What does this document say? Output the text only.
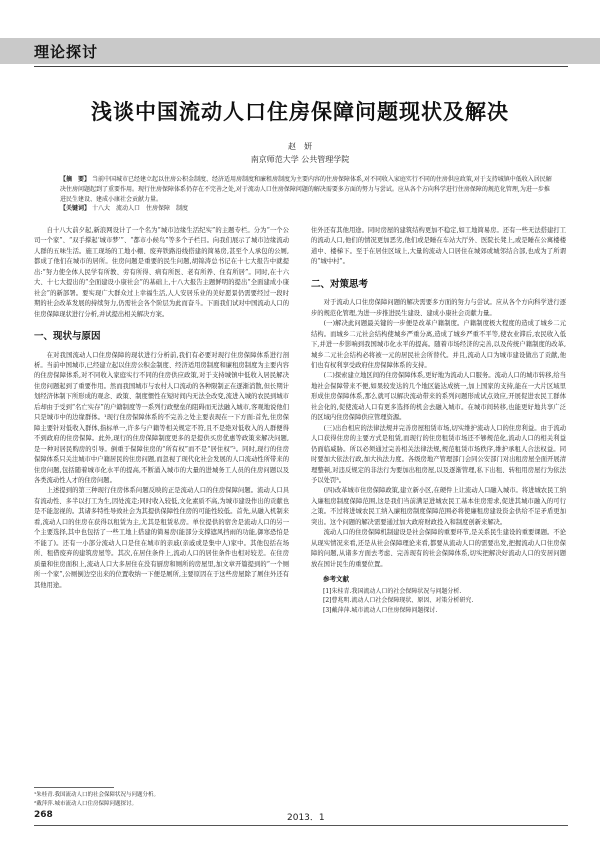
理论探讨
浅谈中国流动人口住房保障问题现状及解决
赵　妍
南京师范大学 公共管理学院
【摘　要】 当前中国城市已经建立起以住房公积金制度、经济适用房制度和廉租房制度为主要内容的住房保障体系,对不同收入家庭实行不同的住房供应政策,对于支持城镇中低收入居民解决住房问题起到了重要作用。现行住房保障体系仍存在不完善之处,对于流动人口住房保障问题的解决需要多方面的努力与尝试。应从各个方向科学进行住房保障的规范化管理,为进一步推进民生建设、建成小康社会贡献力量。
【关键词】 十八大　流动人口　住房保障　制度

自十八大前夕起,新浪网设计了一个名为“城市边缘生活纪实”的主题专栏。分为“一个公司一个家”、“双手撑起‘城市梦’”、“都市小候鸟”等多个子栏目。向我们展示了城市边缘流动人群的五味生活。施工现场的工地小棚、废弃铁路沿线搭建的简易房,甚至个人承包的公厕,都成了他们在城市的居所。住房问题是重要的民生问题,胡锦涛总书记在十七大报告中就提出:“努力使全体人民学有所教、劳有所得、病有所医、老有所养、住有所居”。同时,在十六大、十七大提出的“全面建设小康社会”的基础上,十八大报告主题鲜明的提出“全面建成小康社会”的新部署。要实现广大群众过上幸福生活,人人安居乐业的美好愿景仍需要经过一段时期的社会改革发展的持续努力,仍需社会各个阶层为此而奋斗。下面我们试对中国流动人口的住房保障现状进行分析,并试提出相关解决方案。

一、现状与原因

在对我国流动人口住房保障的现状进行分析前,我们有必要对现行住房保障体系进行剖析。当前中国城市,已经建立起以住房公积金制度、经济适用房制度和廉租房制度为主要内容的住房保障体系,对不同收入家庭实行不同的住房供应政策,对于支持城镇中低收入居民解决住房问题起到了重要作用。然而我国城市与农村人口流动的各种限制正在逐渐消散,但长期计划经济体制下所形成的观念、政策、制度惯性在短时间内无法全改变,流进入城的农民到城市后却由于受到“名亡实存”的户籍制度等一系列行政壁垒的阻碍而无法融入城市,客观地说他们只是城市中的边缘群体。¹现行住房保障体系的不完善之处主要表现在一下方面:首先,住房保障主要针对低收入群体,指标单一,许多与户籍等相关规定不符,且不是绝对低收入的人群便得不到政府的住房保障。此外,现行的住房保障制度更多的是提供买房优惠等政策来解决问题,是一种对居民购房的引导。倒重于保障住房的“所有权”而不是“居住权”²。同时,现行的住房保障体系只关注城市中户籍居民的住房问题,而忽视了现代化社会发展的人口流动性所带来的住房问题,包括随着城市化水平的提高,不断涌入城市的大量的进城务工人员的住房问题以及各类流动性人才的住房问题。

上述提到的第三种现行住房体系问题反映的正是流动人口的住房保障问题。流动人口具有流动性、多半以打工为生,因处流走;同时收入较低,文化素质不高,为城市建设作出的贡献也是不能忽视的。其诸多特性导致社会为其提供保障性住房的可能性较低。首先,从融入机制来看,流动人口的住房在获得以租赁为主,尤其是租赁私房。单位提供的宿舍是流动人口的另一个主要选择,其中也包括了一些工地上搭建的简易房(能部分支撑遮风挡雨的功能,御寒恐怕是不能了)。还有一小部分流动人口是住在城市的亲戚(亲戚或是集中人)家中。其他包括在场所、租借废弃的建筑房屋等。其次,在居住条件上,流动人口的居住条件也相对较差。在住房质量和住房面积上,流动人口大多居住在没有厨房和厕所的房屋里,加文章开篇提到的“一个厕所一个家”,公厕倒边空出来的位置收纳一下便是厕所,主要原因在于这些房屋除了厕住外还有其他用途。

住外还有其他用途。同时房屋的建筑结构更加不稳定,如工地简易房。还有一些无法搭建打工的流动人口,他们的情况更加恶劣,他们或是睡在车站大厅外、医院长凳上,或是睡在公寓楼楼道中、楼梯下。至于在居住区域上,大量的流动人口居住在城郊或城邻结合部,也成为了所谓的“城中村”。

二、对策思考

对于流动人口住房保障问题的解决需要多方面的努力与尝试。应从各个方向科学进行逐步的规范化管理,为进一步推进民生建设、建成小康社会贡献力量。

(一)解决此问题最关键的一步便是改革户籍制度。户籍制度极大程度的造成了城乡二元结构。而城乡二元社会结构使城乡严重分离,造成了城乡严重不平等,使农业滞后,农民收入低下,并进一步影响到我国城市化水平的提高。随着市场经济的完善,以及传统户籍制度的改革,城乡二元社会结构必将被一元的居民社会所替代。并且,流动人口为城市建设做出了贡献,他们也有权利享受政府住房保障体系的支持。

(二)探索建立地区间的住房保障体系,更好地为流动人口服务。流动人口的城市转移,给当地社会保障带来不便,如果较发达的几个地区能达成统一,加上国家的支持,能在一大片区域里形成住房保障体系,那么就可以解决流动带来的系列问题形成试点效应,开展促进农民工群体社会化的,促使流动人口有更多选择的机会去融入城市。在城市间转移,也能更好地共享广泛的区域内住房保障供应管理资源。

(三)出台相应的法律法规并完善房屋租赁市场,切实维护流动人口的住房利益。由于流动人口获得住房的主要方式是租赁,而现行的住房租赁市场还不够规范化,流动人口的相关利益仍面临威胁。所以必须通过完善相关法律法规,规范租赁市场秩序,维护承租人合法权益。同时要加大依法行政,加大执法力度。各级房地产管理部门会同公安部门对出租房屋全面开展清理整顿,对违反规定的非法行为要加出租房屋,以及逐渐管理,私下出租、转租用房屋行为依法予以处罚³。

(四)改革城市住房保障政策,建立新小区,在硬件上让流动人口融入城市。将进城农民工纳入廉租房制度保障范围,这是我们当前满足进城农民工基本住房需求,促进其城市融入的可行之策。不过将进城农民工纳入廉租房制度保障范围必将使廉租房建设资金供给不足矛盾更加突出。这个问题的解决需要通过加大政府财政投入和制度创新来解决。

流动人口的住房保障机制建设是社会保障的重要环节,是关系民生建设的重要课题。不论从现实情况来看,还是从社会保障理论来看,都要从流动人口的需要出发,把握流动人口住房保障的问题,从诸多方面去考虑、完善现有的社会保障体系,切实把解决好流动人口的安居问题放在国计民生的重要位置。

参考文献
[1]朱桂青.我国流动人口的社会保障状况与问题分析.
[2]曹兆明.流动人口社会保障现状、原因、对策分析研究.
[3]戴萍萍.城市流动人口住房保障问题探讨.
¹朱桂青.我国流动人口的社会保障状况与问题分析。
²戴萍萍.城市流动人口住房保障问题探讨。
268	2013．1
